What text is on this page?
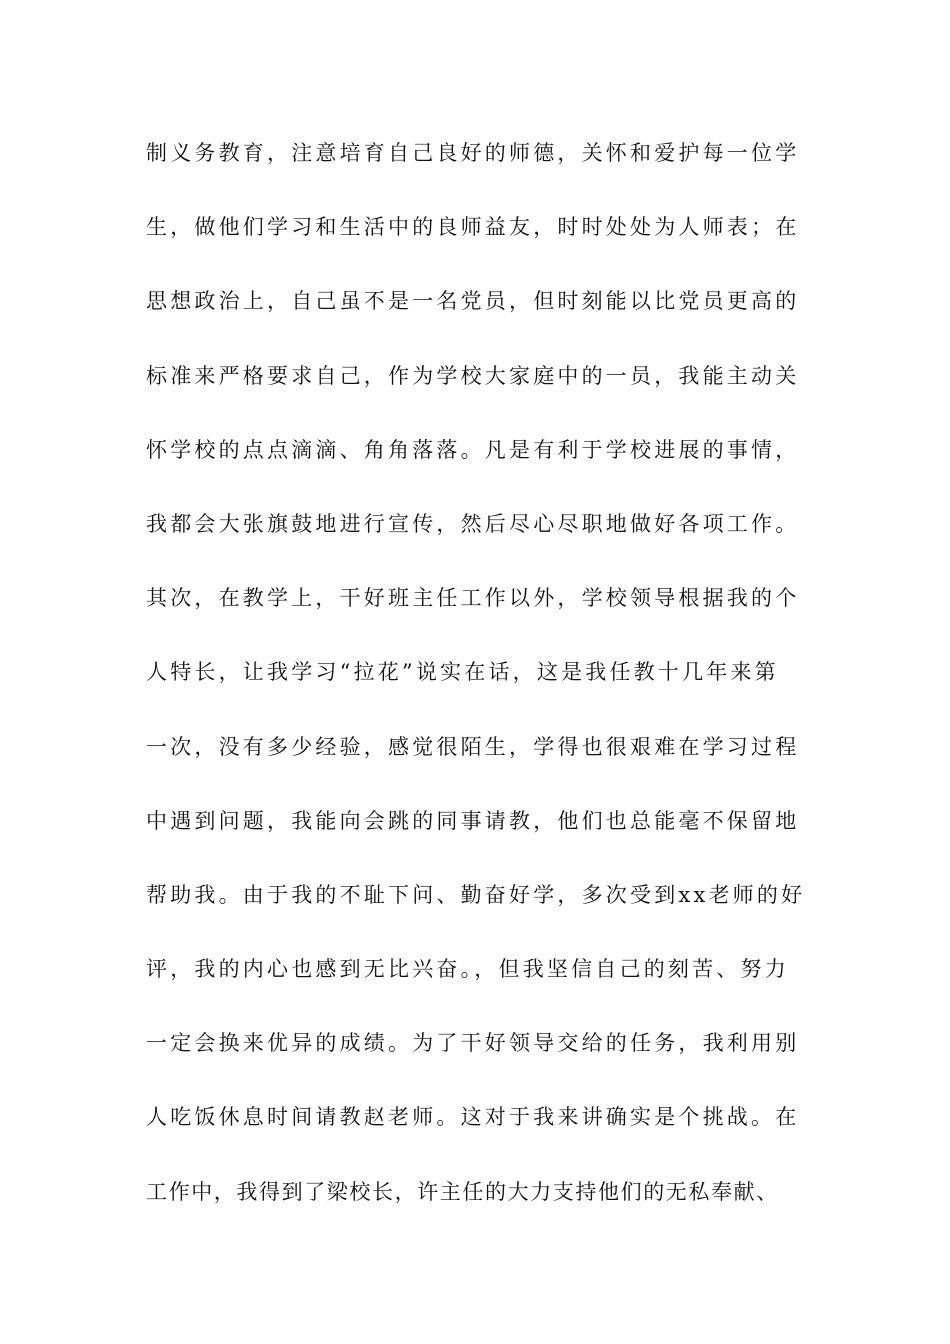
制义务教育，注意培育自己良好的师德，关怀和爱护每一位学
生，做他们学习和生活中的良师益友，时时处处为人师表；在
思想政治上，自己虽不是一名党员，但时刻能以比党员更高的
标准来严格要求自己，作为学校大家庭中的一员，我能主动关
怀学校的点点滴滴、角角落落。凡是有利于学校进展的事情，
我都会大张旗鼓地进行宣传，然后尽心尽职地做好各项工作。
其次，在教学上，干好班主任工作以外，学校领导根据我的个
人特长，让我学习“拉花”说实在话，这是我任教十几年来第
一次，没有多少经验，感觉很陌生，学得也很艰难在学习过程
中遇到问题，我能向会跳的同事请教，他们也总能毫不保留地
帮助我。由于我的不耻下问、勤奋好学，多次受到xx老师的好
评，我的内心也感到无比兴奋。，但我坚信自己的刻苦、努力
一定会换来优异的成绩。为了干好领导交给的任务，我利用别
人吃饭休息时间请教赵老师。这对于我来讲确实是个挑战。在
工作中，我得到了梁校长，许主任的大力支持他们的无私奉献、
